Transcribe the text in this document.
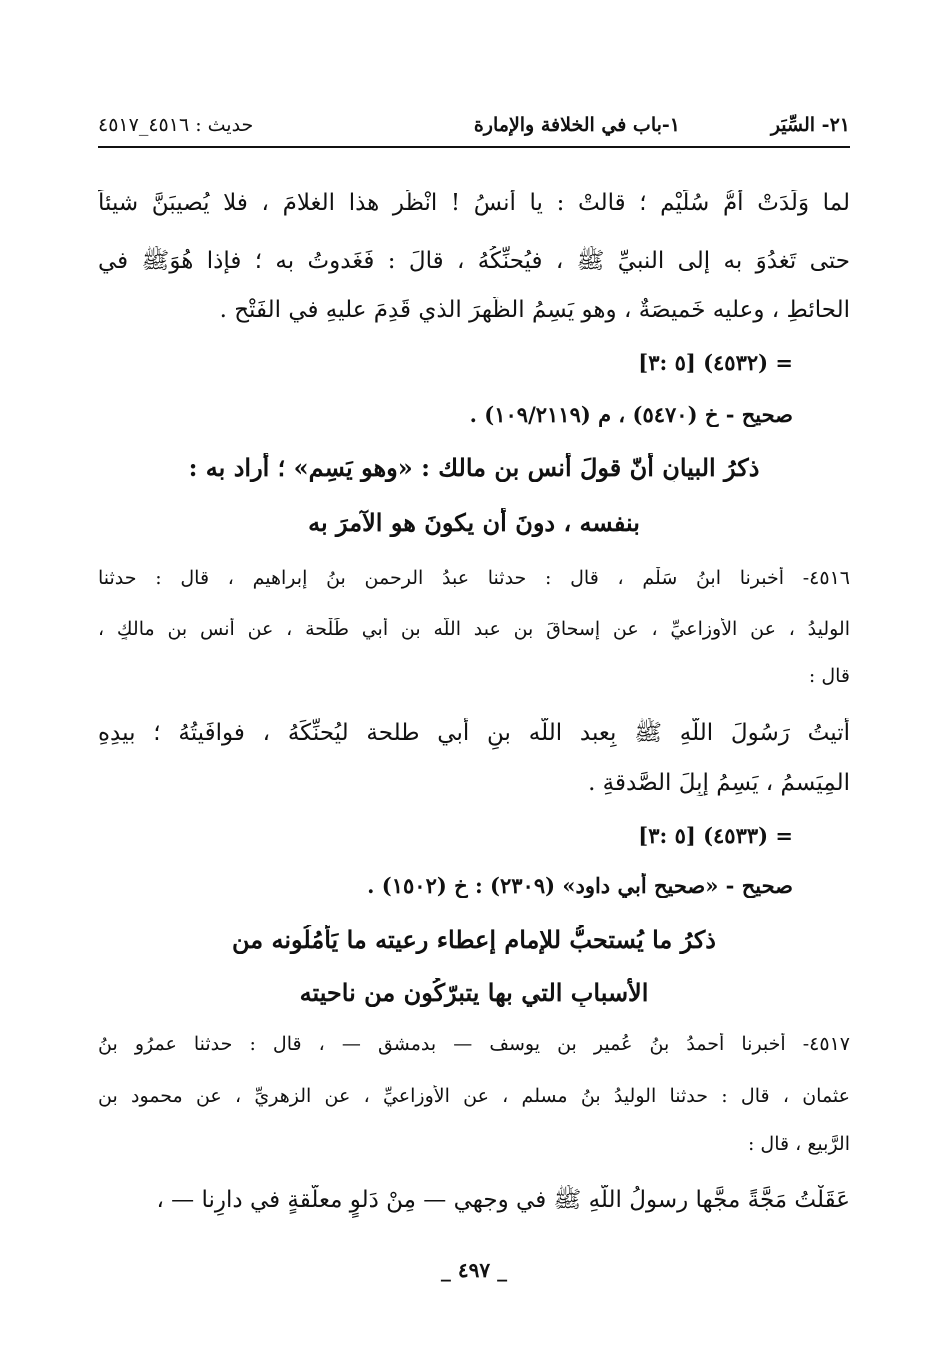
٢١- السِّيَر
١-باب في الخلافة والإمارة
حديث : ٤٥١٦_٤٥١٧
لما وَلَدَتْ أمُّ سُلَيْم ؛ قالتْ : يا أَنسُ ! انْظُر هذا الغلامَ ، فلا يُصيبَنَّ شيئاً
حتى تَغدُوَ به إلى النبيِّ ﷺ ، فيُحنِّكُهُ ، قالَ : فَغَدوتُ به ؛ فإذا هُوَﷺ في
الحائطِ ، وعليه خَميصَةٌ ، وهو يَسِمُ الظَّهرَ الذي قَدِمَ عليهِ في الفَتْحِ .
= (٤٥٣٢) [٥ :٣]
صحيح - خ (٥٤٧٠) ، م (١٠٩/٢١١٩) .
ذكرُ البيانِ أنّ قولَ أنس بن مالك : «وهو يَسِم» ؛ أراد به :
بنفسه ، دونَ أن يكونَ هو الآمرَ به
٤٥١٦- أخبرنا ابنُ سَلْم ، قال : حدثنا عبدُ الرحمن بنُ إبراهيم ، قال : حدثنا
الوليدُ ، عن الأوزاعيِّ ، عن إسحاقَ بنِ عبد اللّه بن أبي طَلْحة ، عن أنس بنِ مالكٍ ،
قال :
أتيتُ رَسُولَ اللّهِ ﷺ بِعبد اللّه بنِ أبي طلحة ليُحنِّكَهُ ، فوافَيتُهُ ؛ بيدِهِ
المِيَسمُ ، يَسِمُ إبِلَ الصَّدقةِ .
= (٤٥٣٣) [٥ :٣]
صحيح - «صحيح أبي داود» (٢٣٠٩) : خ (١٥٠٢) .
ذكرُ ما يُستحبُّ للإمام إعطاء رعيته ما يَأمُلُونه من
الأسبابِ التي بها يتبرّكُون من ناحيته
٤٥١٧- أخبرنا أحمدُ بنُ عُمير بن يوسف — بدمشق — ، قال : حدثنا عمرُو بنُ
عثمان ، قال : حدثنا الوليدُ بنُ مسلم ، عن الأوزاعيِّ ، عن الزهريِّ ، عن محمود بن
الرَّبيع ، قال :
عَقَلْتُ مَجَّةً مجَّها رسولُ اللّهِ ﷺ في وجهي — مِنْ دَلوٍ معلَّقةٍ في دارِنا — ،
_ ٤٩٧ _
